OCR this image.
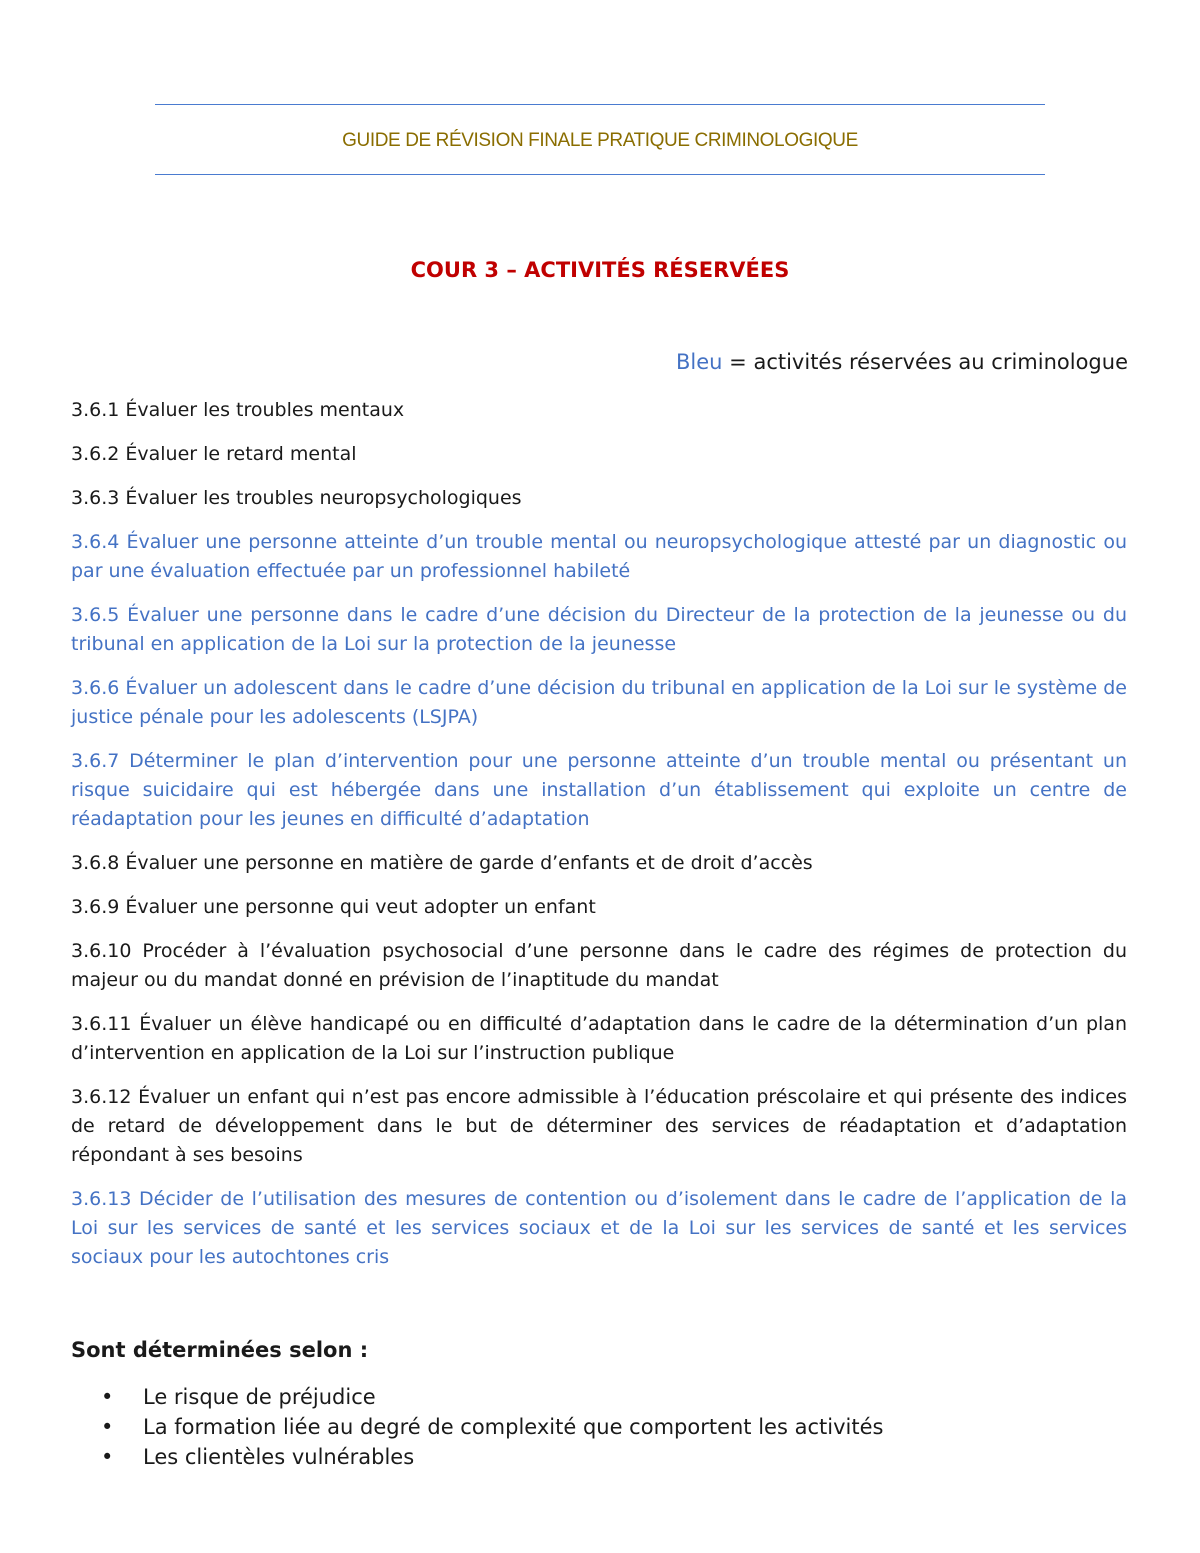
GUIDE DE RÉVISION FINALE PRATIQUE CRIMINOLOGIQUE
COUR 3 – ACTIVITÉS RÉSERVÉES
Bleu = activités réservées au criminologue

3.6.1 Évaluer les troubles mentaux

3.6.2 Évaluer le retard mental

3.6.3 Évaluer les troubles neuropsychologiques

3.6.4 Évaluer une personne atteinte d’un trouble mental ou neuropsychologique attesté par un diagnostic ou par une évaluation effectuée par un professionnel habileté

3.6.5 Évaluer une personne dans le cadre d’une décision du Directeur de la protection de la jeunesse ou du tribunal en application de la Loi sur la protection de la jeunesse

3.6.6 Évaluer un adolescent dans le cadre d’une décision du tribunal en application de la Loi sur le système de justice pénale pour les adolescents (LSJPA)

3.6.7 Déterminer le plan d’intervention pour une personne atteinte d’un trouble mental ou présentant un risque suicidaire qui est hébergée dans une installation d’un établissement qui exploite un centre de réadaptation pour les jeunes en difficulté d’adaptation

3.6.8 Évaluer une personne en matière de garde d’enfants et de droit d’accès

3.6.9 Évaluer une personne qui veut adopter un enfant

3.6.10 Procéder à l’évaluation psychosocial d’une personne dans le cadre des régimes de protection du majeur ou du mandat donné en prévision de l’inaptitude du mandat

3.6.11 Évaluer un élève handicapé ou en difficulté d’adaptation dans le cadre de la détermination d’un plan d’intervention en application de la Loi sur l’instruction publique

3.6.12 Évaluer un enfant qui n’est pas encore admissible à l’éducation préscolaire et qui présente des indices de retard de développement dans le but de déterminer des services de réadaptation et d’adaptation répondant à ses besoins

3.6.13 Décider de l’utilisation des mesures de contention ou d’isolement dans le cadre de l’application de la Loi sur les services de santé et les services sociaux et de la Loi sur les services de santé et les services sociaux pour les autochtones cris

Sont déterminées selon :
• Le risque de préjudice
• La formation liée au degré de complexité que comportent les activités
• Les clientèles vulnérables
